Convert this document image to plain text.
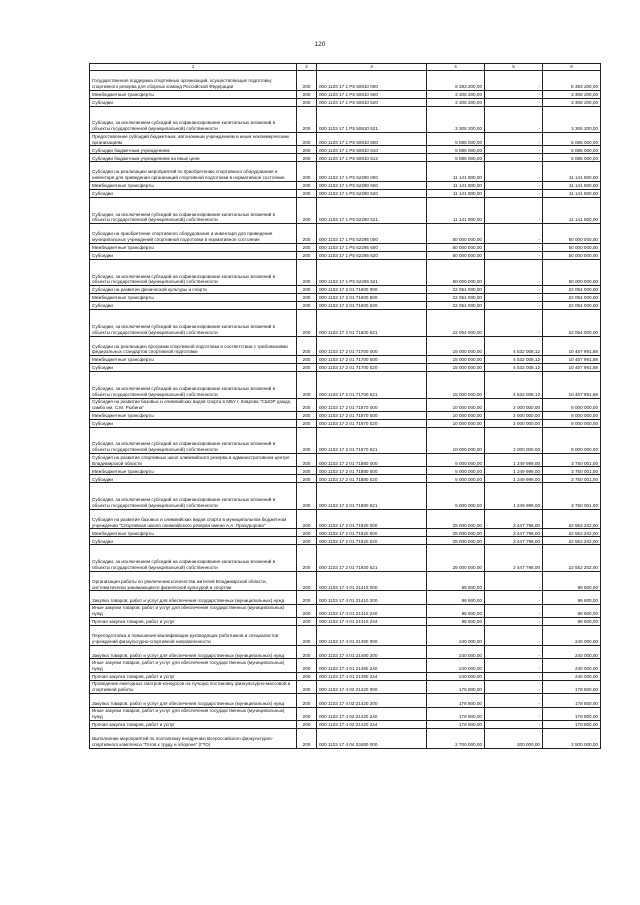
120
1	2	3	4	5	6
Государственная поддержка спортивных организаций, осуществляющих подготовку спортивного резерва для сборных команд Российской Федерации	200	000 1103 17 1 P5 50810 000	8 393 200,00	-	8 393 200,00
Межбюджетные трансферты	200	000 1103 17 1 P5 50810 500	3 308 200,00	-	3 308 200,00
Субсидии	200	000 1103 17 1 P5 50810 520	3 308 200,00	-	3 308 200,00
Субсидии, за исключением субсидий на софинансирование капитальных вложений в объекты государственной (муниципальной) собственности	200	000 1103 17 1 P5 50810 521	3 308 200,00	-	3 308 200,00
Предоставление субсидий бюджетным, автономным учреждениям и иным некоммерческим организациям	200	000 1103 17 1 P5 50810 600	5 085 000,00	-	5 085 000,00
Субсидии бюджетным учреждениям	200	000 1103 17 1 P5 50810 610	5 085 000,00	-	5 085 000,00
Субсидии бюджетным учреждениям на иные цели	200	000 1103 17 1 P5 50810 612	5 085 000,00	-	5 085 000,00
Субсидии на реализацию мероприятий по приобретению спортивного оборудования и инвентаря для приведения организаций спортивной подготовки в нормативное состояние	200	000 1103 17 1 P5 52290 000	11 141 800,00	-	11 141 800,00
Межбюджетные трансферты	200	000 1103 17 1 P5 52290 500	11 141 800,00	-	11 141 800,00
Субсидии	200	000 1103 17 1 P5 52290 520	11 141 800,00	-	11 141 800,00
Субсидии, за исключением субсидий на софинансирование капитальных вложений в объекты государственной (муниципальной) собственности	200	000 1103 17 1 P5 52290 521	11 141 800,00	-	11 141 800,00
Субсидии на приобретение спортивного оборудования и инвентаря для приведения муниципальных учреждений спортивной подготовки в нормативное состояние	200	000 1103 17 1 P5 52295 000	50 000 000,00	-	50 000 000,00
Межбюджетные трансферты	200	000 1103 17 1 P5 52295 500	50 000 000,00	-	50 000 000,00
Субсидии	200	000 1103 17 1 P5 52295 520	50 000 000,00	-	50 000 000,00
Субсидии, за исключением субсидий на софинансирование капитальных вложений в объекты государственной (муниципальной) собственности	200	000 1103 17 1 P5 52295 521	50 000 000,00	-	50 000 000,00
Субсидии на развитие физической культуры и спорта	200	000 1103 17 2 01 71600 000	22 054 000,00	-	22 054 000,00
Межбюджетные трансферты	200	000 1103 17 2 01 71600 500	22 054 000,00	-	22 054 000,00
Субсидии	200	000 1103 17 2 01 71600 520	22 054 000,00	-	22 054 000,00
Субсидии, за исключением субсидий на софинансирование капитальных вложений в объекты государственной (муниципальной) собственности	200	000 1103 17 2 01 71600 521	22 054 000,00	-	22 054 000,00
Субсидии на реализацию программ спортивной подготовки в соответствии с требованиями федеральных стандартов спортивной подготовки	200	000 1103 17 2 01 71700 000	15 000 000,00	4 532 008,12	10 467 991,88
Межбюджетные трансферты	200	000 1103 17 2 01 71700 500	15 000 000,00	4 532 008,12	10 467 991,88
Субсидии	200	000 1103 17 2 01 71700 520	15 000 000,00	4 532 008,12	10 467 991,88
Субсидии, за исключением субсидий на софинансирование капитальных вложений в объекты государственной (муниципальной) собственности	200	000 1103 17 2 01 71700 521	15 000 000,00	4 532 008,12	10 467 991,88
Субсидия на развитие базовых и олимпийских видов спорта в МБУ г. Коврова "СШОР дзюдо, самбо им. С.М. Рыбина"	200	000 1103 17 2 01 71870 000	10 000 000,00	2 000 000,00	8 000 000,00
Межбюджетные трансферты	200	000 1103 17 2 01 71870 500	10 000 000,00	2 000 000,00	8 000 000,00
Субсидии	200	000 1103 17 2 01 71870 520	10 000 000,00	2 000 000,00	8 000 000,00
Субсидии, за исключением субсидий на софинансирование капитальных вложений в объекты государственной (муниципальной) собственности	200	000 1103 17 2 01 71870 521	10 000 000,00	2 000 000,00	8 000 000,00
Субсидия на развитие спортивных школ олимпийского резерва в административном центре Владимирской области	200	000 1103 17 2 01 71880 000	5 000 000,00	1 249 999,00	3 750 001,00
Межбюджетные трансферты	200	000 1103 17 2 01 71880 500	5 000 000,00	1 249 999,00	3 750 001,00
Субсидии	200	000 1103 17 2 01 71880 520	5 000 000,00	1 249 999,00	3 750 001,00
Субсидии, за исключением субсидий на софинансирование капитальных вложений в объекты государственной (муниципальной) собственности	200	000 1103 17 2 01 71880 521	5 000 000,00	1 249 999,00	3 750 001,00
Субсидия на развитие базовых и олимпийских видов спорта в муниципальном бюджетном учреждении "Спортивная школа олимпийского резерва имени А.А. Прокуророва"	200	000 1103 17 2 01 71920 000	25 000 000,00	2 447 798,00	22 552 202,00
Межбюджетные трансферты	200	000 1103 17 2 01 71920 500	25 000 000,00	2 447 798,00	22 552 202,00
Субсидии	200	000 1103 17 2 01 71920 520	25 000 000,00	2 447 798,00	22 552 202,00
Субсидии, за исключением субсидий на софинансирование капитальных вложений в объекты государственной (муниципальной) собственности	200	000 1103 17 2 01 71920 521	25 000 000,00	2 447 798,00	22 552 202,00
Организация работы по увеличению количества жителей Владимирской области, систематически занимающихся физической культурой и спортом	200	000 1103 17 4 01 21410 000	98 600,00	-	98 600,00
Закупка товаров, работ и услуг для обеспечения государственных (муниципальных) нужд	200	000 1103 17 4 01 21410 200	98 600,00	-	98 600,00
Иные закупки товаров, работ и услуг для обеспечения государственных (муниципальных) нужд	200	000 1103 17 4 01 21410 240	98 600,00	-	98 600,00
Прочая закупка товаров, работ и услуг	200	000 1103 17 4 01 21410 244	98 600,00	-	98 600,00
Переподготовка и повышение квалификации руководящих работников и специалистов учреждений физкультурно-спортивной направленности	200	000 1103 17 4 01 21490 000	240 000,00	-	240 000,00
Закупка товаров, работ и услуг для обеспечения государственных (муниципальных) нужд	200	000 1103 17 4 01 21490 200	240 000,00	-	240 000,00
Иные закупки товаров, работ и услуг для обеспечения государственных (муниципальных) нужд	200	000 1103 17 4 01 21490 240	240 000,00	-	240 000,00
Прочая закупка товаров, работ и услуг	200	000 1103 17 4 01 21490 244	240 000,00	-	240 000,00
Проведение ежегодных смотров-конкурсов на лучшую постановку физкультурно-массовой и спортивной работы	200	000 1103 17 4 02 21420 000	178 800,00	-	178 800,00
Закупка товаров, работ и услуг для обеспечения государственных (муниципальных) нужд	200	000 1103 17 4 02 21420 200	178 800,00	-	178 800,00
Иные закупки товаров, работ и услуг для обеспечения государственных (муниципальных) нужд	200	000 1103 17 4 02 21420 240	178 800,00	-	178 800,00
Прочая закупка товаров, работ и услуг	200	000 1103 17 4 02 21420 244	178 800,00	-	178 800,00
Выполнение мероприятий по поэтапному внедрению Всероссийского физкультурно-спортивного комплекса "Готов к труду и обороне" (ГТО)	200	000 1103 17 4 04 23480 000	2 700 000,00	200 000,00	2 500 000,00
